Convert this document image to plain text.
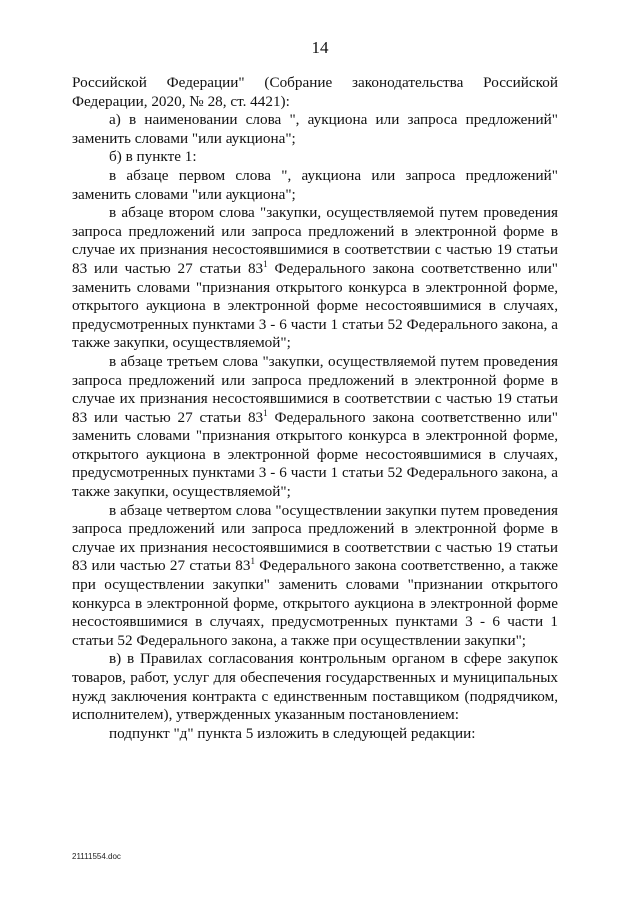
14

Российской Федерации" (Собрание законодательства Российской Федерации, 2020, № 28, ст. 4421):

а) в наименовании слова ", аукциона или запроса предложений" заменить словами "или аукциона";

б) в пункте 1:

в абзаце первом слова ", аукциона или запроса предложений" заменить словами "или аукциона";

в абзаце втором слова "закупки, осуществляемой путем проведения запроса предложений или запроса предложений в электронной форме в случае их признания несостоявшимися в соответствии с частью 19 статьи 83 или частью 27 статьи $83^1$ Федерального закона соответственно или" заменить словами "признания открытого конкурса в электронной форме, открытого аукциона в электронной форме несостоявшимися в случаях, предусмотренных пунктами 3 - 6 части 1 статьи 52 Федерального закона, а также закупки, осуществляемой";

в абзаце третьем слова "закупки, осуществляемой путем проведения запроса предложений или запроса предложений в электронной форме в случае их признания несостоявшимися в соответствии с частью 19 статьи 83 или частью 27 статьи $83^1$ Федерального закона соответственно или" заменить словами "признания открытого конкурса в электронной форме, открытого аукциона в электронной форме несостоявшимися в случаях, предусмотренных пунктами 3 - 6 части 1 статьи 52 Федерального закона, а также закупки, осуществляемой";

в абзаце четвертом слова "осуществлении закупки путем проведения запроса предложений или запроса предложений в электронной форме в случае их признания несостоявшимися в соответствии с частью 19 статьи 83 или частью 27 статьи $83^1$ Федерального закона соответственно, а также при осуществлении закупки" заменить словами "признании открытого конкурса в электронной форме, открытого аукциона в электронной форме несостоявшимися в случаях, предусмотренных пунктами 3 - 6 части 1 статьи 52 Федерального закона, а также при осуществлении закупки";

в) в Правилах согласования контрольным органом в сфере закупок товаров, работ, услуг для обеспечения государственных и муниципальных нужд заключения контракта с единственным поставщиком (подрядчиком, исполнителем), утвержденных указанным постановлением:

подпункт "д" пункта 5 изложить в следующей редакции:

21111554.doc
